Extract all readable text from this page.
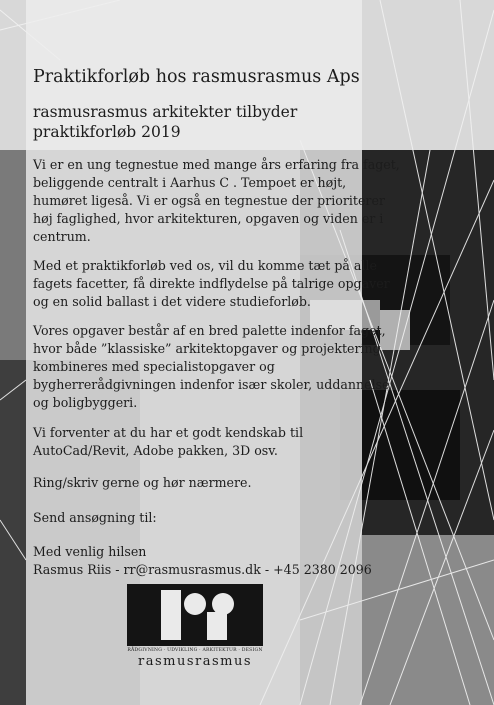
Praktikforløb hos rasmusrasmus Aps
rasmusrasmus arkitekter tilbyder
praktikforløb 2019

Vi er en ung tegnestue med mange års erfaring fra faget,
beliggende centralt i Aarhus C . Tempoet er højt,
humøret ligeså. Vi er også en tegnestue der prioriterer
høj faglighed, hvor arkitekturen, opgaven og viden er i
centrum.

Med et praktikforløb ved os, vil du komme tæt på alle
fagets facetter, få direkte indflydelse på talrige opgaver
og en solid ballast i det videre studieforløb.

Vores opgaver består af en bred palette indenfor faget,
hvor både ”klassiske” arkitektopgaver og projektering
kombineres med specialistopgaver og
bygherrerådgivningen indenfor især skoler, uddannelse
og boligbyggeri.

Vi forventer at du har et godt kendskab til
AutoCad/Revit, Adobe pakken, 3D osv.

Ring/skriv gerne og hør nærmere.

Send ansøgning til:

Med venlig hilsen
Rasmus Riis - rr@rasmusrasmus.dk - +45 2380 2096

RÅDGIVNING · UDVIKLING · ARKITEKTUR · DESIGN
rasmusrasmus
